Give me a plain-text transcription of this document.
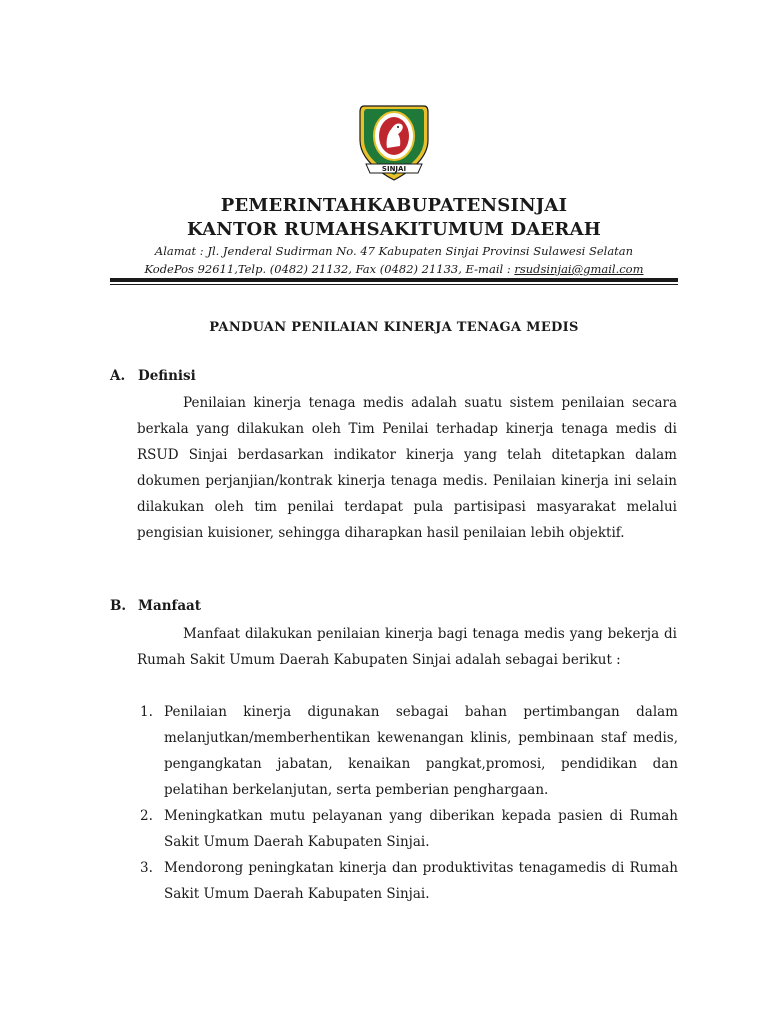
SINJAI
PEMERINTAHKABUPATENSINJAI
KANTOR RUMAHSAKITUMUM DAERAH
Alamat : Jl. Jenderal Sudirman No. 47 Kabupaten Sinjai Provinsi Sulawesi Selatan
KodePos 92611,Telp. (0482) 21132, Fax (0482) 21133, E-mail : rsudsinjai@gmail.com
PANDUAN PENILAIAN KINERJA TENAGA MEDIS
A. Definisi
Penilaian kinerja tenaga medis adalah suatu sistem penilaian secara berkala yang dilakukan oleh Tim Penilai terhadap kinerja tenaga medis di RSUD Sinjai berdasarkan indikator kinerja yang telah ditetapkan dalam dokumen perjanjian/kontrak kinerja tenaga medis. Penilaian kinerja ini selain dilakukan oleh tim penilai terdapat pula partisipasi masyarakat melalui pengisian kuisioner, sehingga diharapkan hasil penilaian lebih objektif.
B. Manfaat
Manfaat dilakukan penilaian kinerja bagi tenaga medis yang bekerja di Rumah Sakit Umum Daerah Kabupaten Sinjai adalah sebagai berikut :
1. Penilaian kinerja digunakan sebagai bahan pertimbangan dalam melanjutkan/memberhentikan kewenangan klinis, pembinaan staf medis, pengangkatan jabatan, kenaikan pangkat,promosi, pendidikan dan pelatihan berkelanjutan, serta pemberian penghargaan.
2. Meningkatkan mutu pelayanan yang diberikan kepada pasien di Rumah Sakit Umum Daerah Kabupaten Sinjai.
3. Mendorong peningkatan kinerja dan produktivitas tenagamedis di Rumah Sakit Umum Daerah Kabupaten Sinjai.
